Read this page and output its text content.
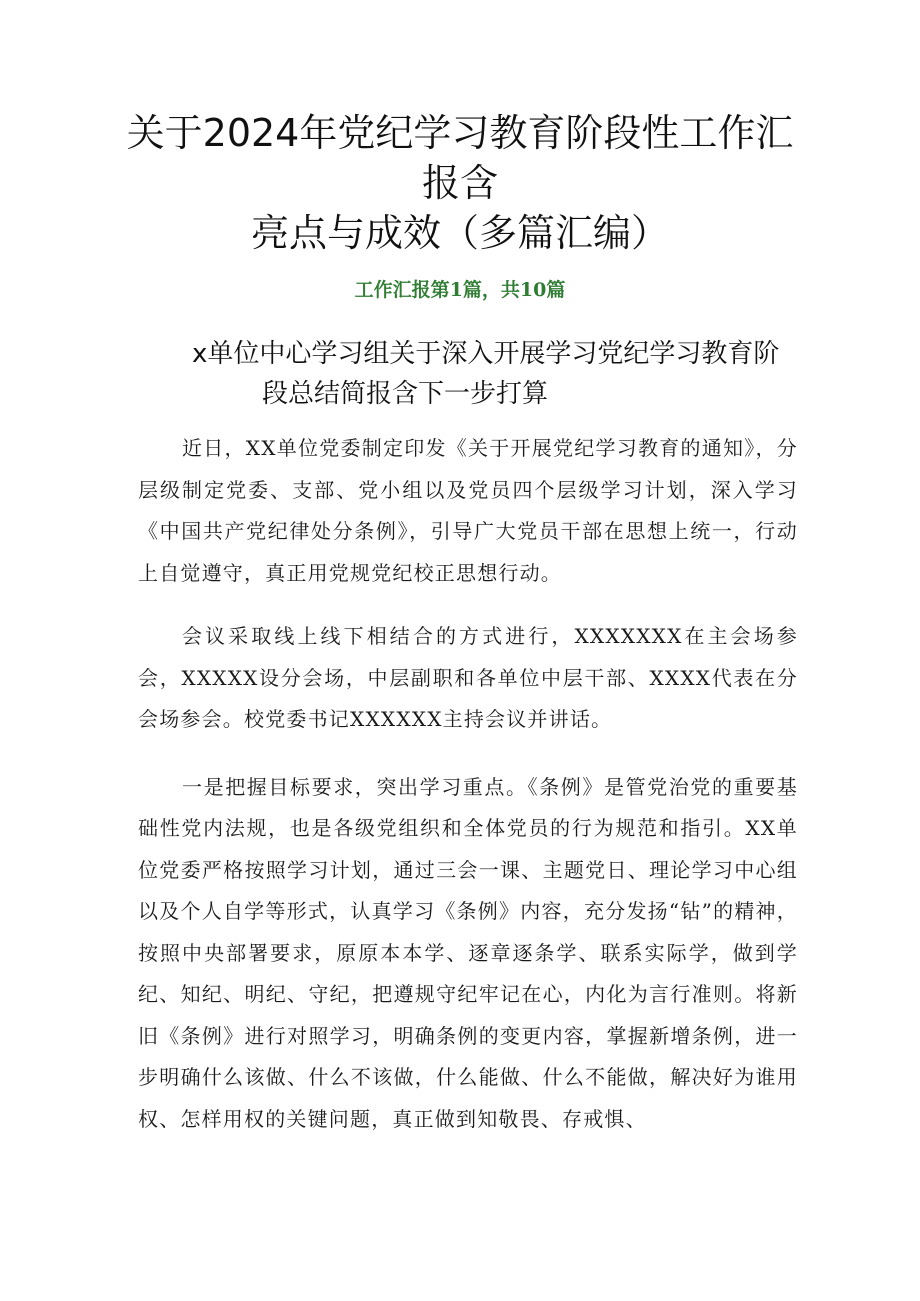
关于2024年党纪学习教育阶段性工作汇报含
亮点与成效（多篇汇编）
工作汇报第1篇，共10篇
x单位中心学习组关于深入开展学习党纪学习教育阶
段总结简报含下一步打算

近日，XX单位党委制定印发《关于开展党纪学习教育的通知》，分层级制定党委、支部、党小组以及党员四个层级学习计划，深入学习《中国共产党纪律处分条例》，引导广大党员干部在思想上统一，行动上自觉遵守，真正用党规党纪校正思想行动。

会议采取线上线下相结合的方式进行，XXXXXXX在主会场参会，XXXXX设分会场，中层副职和各单位中层干部、XXXX代表在分会场参会。校党委书记XXXXXX主持会议并讲话。

一是把握目标要求，突出学习重点。《条例》是管党治党的重要基础性党内法规，也是各级党组织和全体党员的行为规范和指引。XX单位党委严格按照学习计划，通过三会一课、主题党日、理论学习中心组以及个人自学等形式，认真学习《条例》内容，充分发扬“钻”的精神，按照中央部署要求，原原本本学、逐章逐条学、联系实际学，做到学纪、知纪、明纪、守纪，把遵规守纪牢记在心，内化为言行准则。将新旧《条例》进行对照学习，明确条例的变更内容，掌握新增条例，进一步明确什么该做、什么不该做，什么能做、什么不能做，解决好为谁用权、怎样用权的关键问题，真正做到知敬畏、存戒惧、
